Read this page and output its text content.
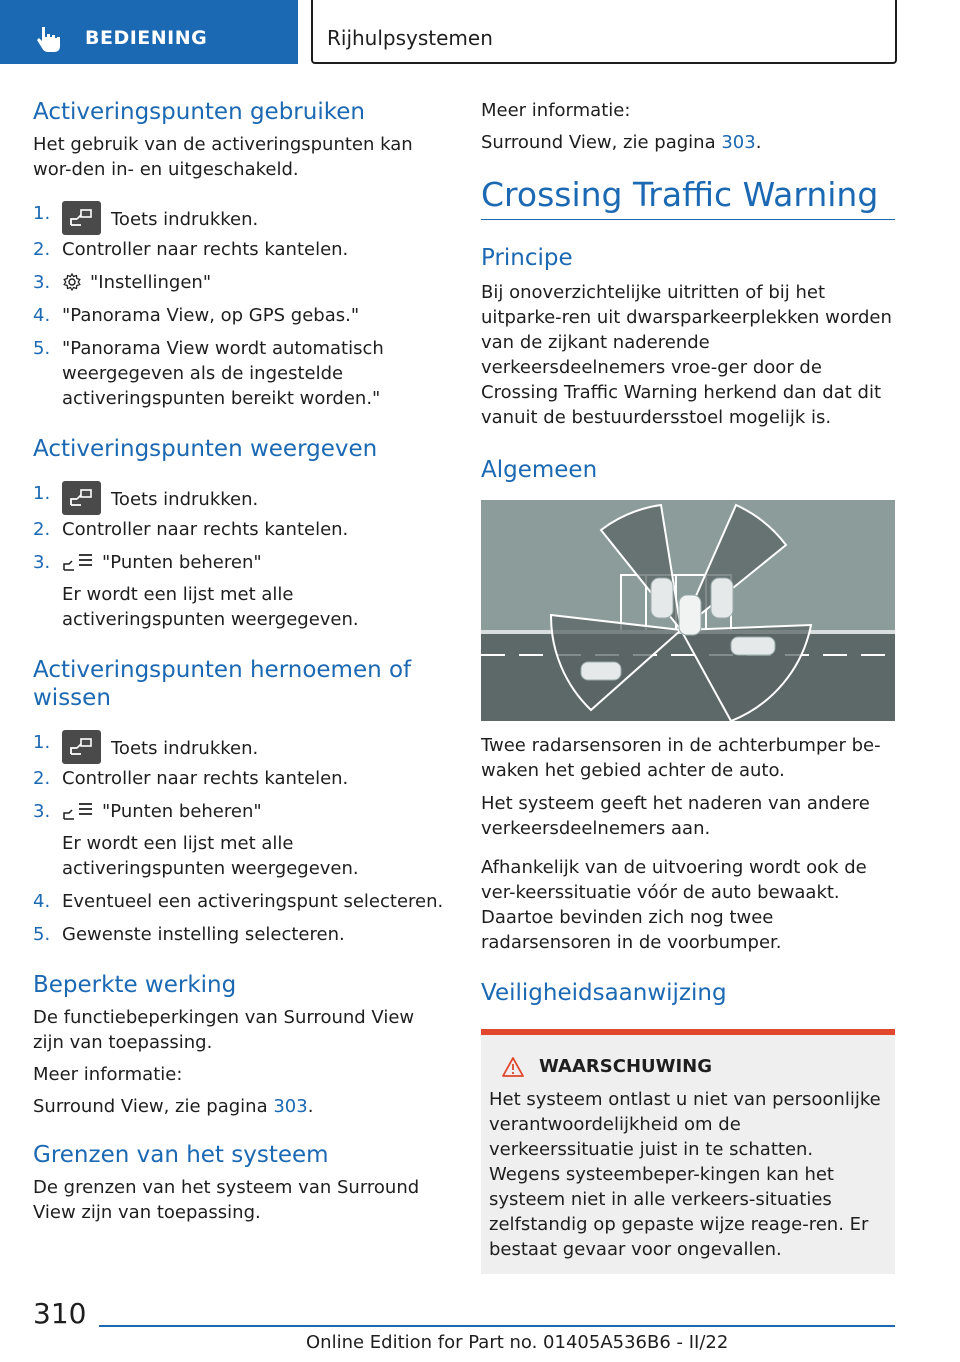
BEDIENING	Rijhulpsystemen
Activeringspunten gebruiken

Het gebruik van de activeringspunten kan wor-den in- en uitgeschakeld.

1.	Toets indrukken.
2. Controller naar rechts kantelen.
3. "Instellingen"
4. "Panorama View, op GPS gebas."
5. "Panorama View wordt automatisch weergegeven als de ingestelde activeringspunten bereikt worden."
Activeringspunten weergeven
1.	Toets indrukken.
2. Controller naar rechts kantelen.
3.	"Punten beheren"
Er wordt een lijst met alle activeringspunten weergegeven.
Activeringspunten hernoemen of wissen
1.	Toets indrukken.
2. Controller naar rechts kantelen.
3.	"Punten beheren"
Er wordt een lijst met alle activeringspunten weergegeven.
4. Eventueel een activeringspunt selecteren.
5. Gewenste instelling selecteren.
Beperkte werking

De functiebeperkingen van Surround View zijn van toepassing.

Meer informatie:

Surround View, zie pagina 303.

Grenzen van het systeem

De grenzen van het systeem van Surround View zijn van toepassing.

Meer informatie:

Surround View, zie pagina 303.

Crossing Traffic Warning
Principe

Bij onoverzichtelijke uitritten of bij het uitparke-ren uit dwarsparkeerplekken worden van de zijkant naderende verkeersdeelnemers vroe-ger door de Crossing Traffic Warning herkend dan dat dit vanuit de bestuurdersstoel mogelijk is.

Algemeen

Twee radarsensoren in de achterbumper be-waken het gebied achter de auto.

Het systeem geeft het naderen van andere verkeersdeelnemers aan.

Afhankelijk van de uitvoering wordt ook de ver-keerssituatie vóór de auto bewaakt. Daartoe bevinden zich nog twee radarsensoren in de voorbumper.

Veiligheidsaanwijzing
WAARSCHUWING

Het systeem ontlast u niet van persoonlijke verantwoordelijkheid om de verkeerssituatie juist in te schatten. Wegens systeembeper-kingen kan het systeem niet in alle verkeers-situaties zelfstandig op gepaste wijze reage-ren. Er bestaat gevaar voor ongevallen.

310
Online Edition for Part no. 01405A536B6 - II/22
